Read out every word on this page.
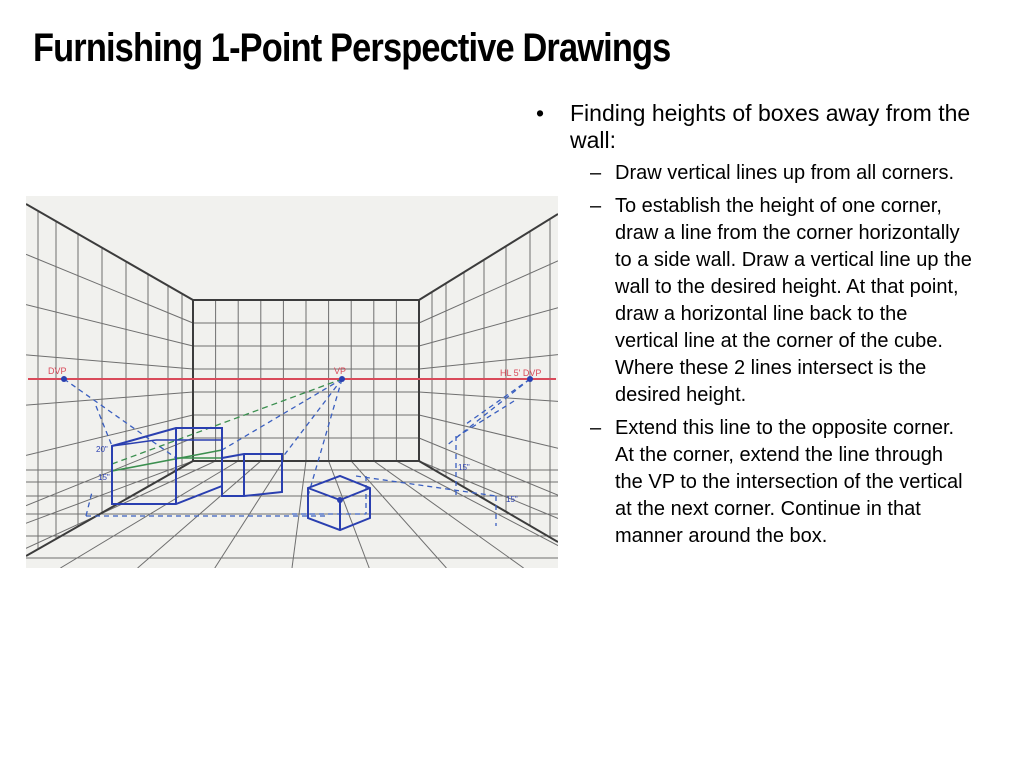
Furnishing 1-Point Perspective Drawings
DVP	VP	HL 5' DVP
20"
15"
15"
15"
• Finding heights of boxes away from the wall:
– Draw vertical lines up from all corners.
– To establish the height of one corner, draw a line from the corner horizontally to a side wall. Draw a vertical line up the wall to the desired height. At that point, draw a horizontal line back to the vertical line at the corner of the cube. Where these 2 lines intersect is the desired height.
– Extend this line to the opposite corner. At the corner, extend the line through the VP to the intersection of the vertical at the next corner. Continue in that manner around the box.
